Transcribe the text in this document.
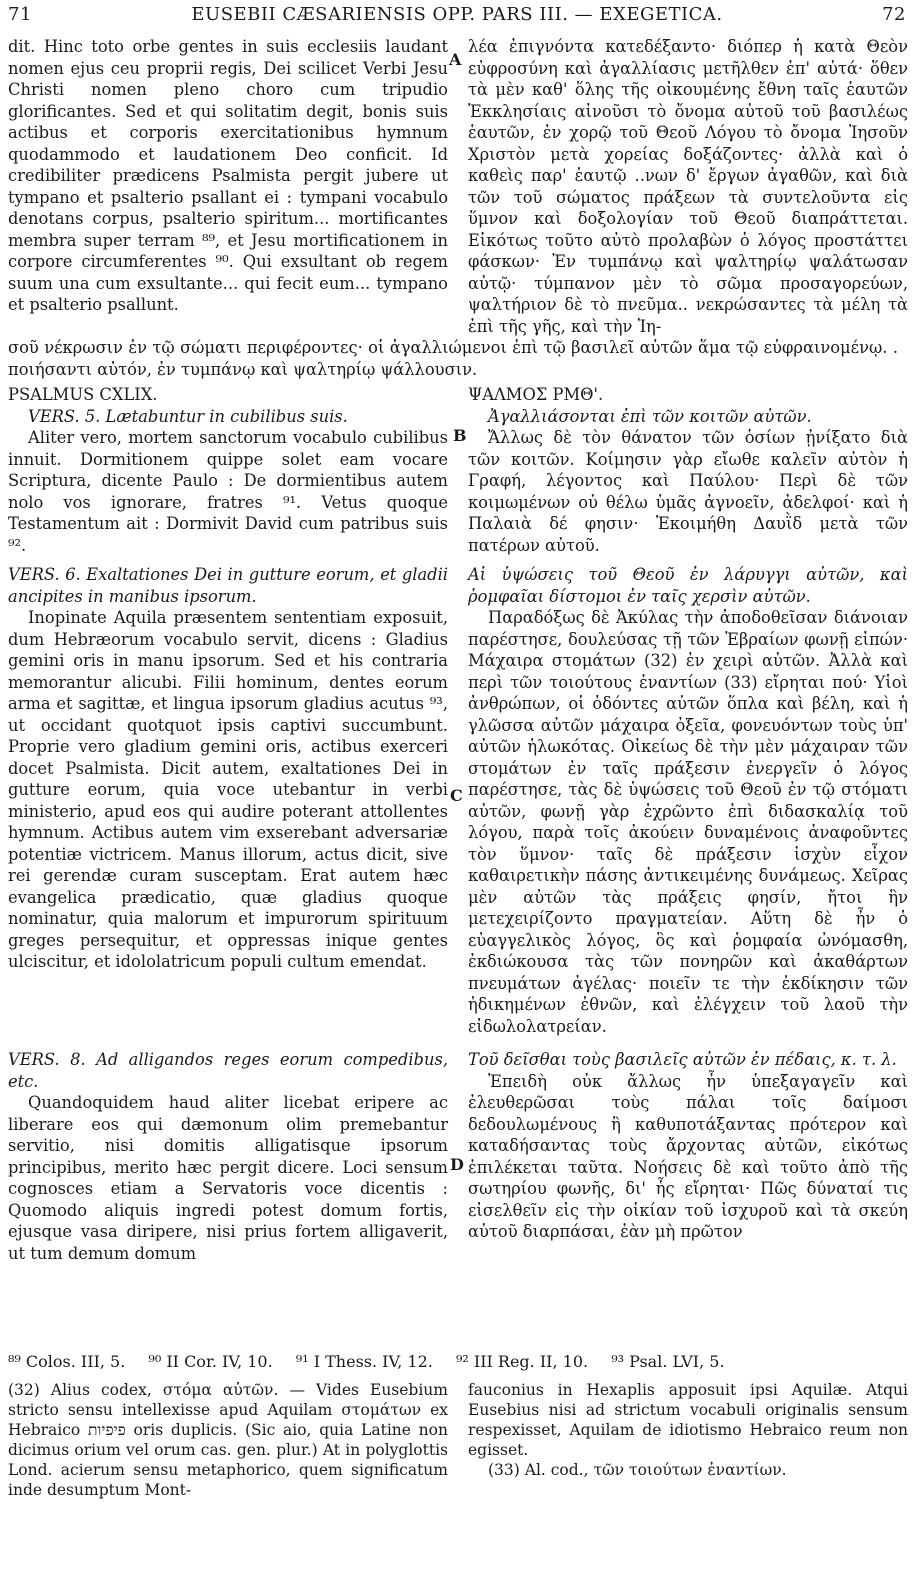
71	EUSEBII CÆSARIENSIS OPP. PARS III. — EXEGETICA.	72
A
B
C
D

dit. Hinc toto orbe gentes in suis ecclesiis laudant nomen ejus ceu proprii regis, Dei scilicet Verbi Jesu Christi nomen pleno choro cum tripudio glorificantes. Sed et qui solitatim degit, bonis suis actibus et corporis exercitationibus hymnum quodammodo et laudationem Deo conficit. Id credibiliter prædicens Psalmista pergit jubere ut tympano et psalterio psallant ei : tympani vocabulo denotans corpus, psalterio spiritum... mortificantes membra super terram ⁸⁹, et Jesu mortificationem in corpore circumferentes ⁹⁰. Qui exsultant ob regem suum una cum exsultante... qui fecit eum... tympano et psalterio psallunt.

λέα ἐπιγνόντα κατεδέξαντο· διόπερ ἡ κατὰ Θεὸν εὐφροσύνη καὶ ἀγαλλίασις μετῆλθεν ἐπ' αὐτά· ὅθεν τὰ μὲν καθ' ὅλης τῆς οἰκουμένης ἔθνη ταῖς ἑαυτῶν Ἐκκλησίαις αἰνοῦσι τὸ ὄνομα αὐτοῦ τοῦ βασιλέως ἑαυτῶν, ἐν χορῷ τοῦ Θεοῦ Λόγου τὸ ὄνομα Ἰησοῦν Χριστὸν μετὰ χορείας δοξάζοντες· ἀλλὰ καὶ ὁ καθεὶς παρ' ἑαυτῷ ..νων δ' ἔργων ἀγαθῶν, καὶ διὰ τῶν τοῦ σώματος πράξεων τὰ συντελοῦντα εἰς ὕμνον καὶ δοξολογίαν τοῦ Θεοῦ διαπράττεται. Εἰκότως τοῦτο αὐτὸ προλαβὼν ὁ λόγος προστάττει φάσκων· Ἐν τυμπάνῳ καὶ ψαλτηρίῳ ψαλάτωσαν αὐτῷ· τύμπανον μὲν τὸ σῶμα προσαγορεύων, ψαλτήριον δὲ τὸ πνεῦμα.. νεκρώσαντες τὰ μέλη τὰ ἐπὶ τῆς γῆς, καὶ τὴν Ἰη-

σοῦ νέκρωσιν ἐν τῷ σώματι περιφέροντες· οἱ ἀγαλλιώμενοι ἐπὶ τῷ βασιλεῖ αὐτῶν ἅμα τῷ εὐφραινομένῳ. . ποιήσαντι αὐτόν, ἐν τυμπάνῳ καὶ ψαλτηρίῳ ψάλλουσιν.

PSALMUS CXLIX.	ΨΑΛΜΟΣ ΡΜΘ'.

VERS. 5. Lætabuntur in cubilibus suis.

Aliter vero, mortem sanctorum vocabulo cubilibus innuit. Dormitionem quippe solet eam vocare Scriptura, dicente Paulo : De dormientibus autem nolo vos ignorare, fratres ⁹¹. Vetus quoque Testamentum ait : Dormivit David cum patribus suis ⁹².

Ἀγαλλιάσονται ἐπὶ τῶν κοιτῶν αὐτῶν.

Ἄλλως δὲ τὸν θάνατον τῶν ὁσίων ᾐνίξατο διὰ τῶν κοιτῶν. Κοίμησιν γὰρ εἴωθε καλεῖν αὐτὸν ἡ Γραφή, λέγοντος καὶ Παύλου· Περὶ δὲ τῶν κοιμωμένων οὐ θέλω ὑμᾶς ἀγνοεῖν, ἀδελφοί· καὶ ἡ Παλαιὰ δέ φησιν· Ἐκοιμήθη Δαυῒδ μετὰ τῶν πατέρων αὐτοῦ.

VERS. 6. Exaltationes Dei in gutture eorum, et gladii ancipites in manibus ipsorum.

Inopinate Aquila præsentem sententiam exposuit, dum Hebræorum vocabulo servit, dicens : Gladius gemini oris in manu ipsorum. Sed et his contraria memorantur alicubi. Filii hominum, dentes eorum arma et sagittæ, et lingua ipsorum gladius acutus ⁹³, ut occidant quotquot ipsis captivi succumbunt. Proprie vero gladium gemini oris, actibus exerceri docet Psalmista. Dicit autem, exaltationes Dei in gutture eorum, quia voce utebantur in verbi ministerio, apud eos qui audire poterant attollentes hymnum. Actibus autem vim exserebant adversariæ potentiæ victricem. Manus illorum, actus dicit, sive rei gerendæ curam susceptam. Erat autem hæc evangelica prædicatio, quæ gladius quoque nominatur, quia malorum et impurorum spirituum greges persequitur, et oppressas inique gentes ulciscitur, et idololatricum populi cultum emendat.

Αἱ ὑψώσεις τοῦ Θεοῦ ἐν λάρυγγι αὐτῶν, καὶ ῥομφαῖαι δίστομοι ἐν ταῖς χερσὶν αὐτῶν.

Παραδόξως δὲ Ἀκύλας τὴν ἀποδοθεῖσαν διάνοιαν παρέστησε, δουλεύσας τῇ τῶν Ἑβραίων φωνῇ εἰπών· Μάχαιρα στομάτων (32) ἐν χειρὶ αὐτῶν. Ἀλλὰ καὶ περὶ τῶν τοιούτους ἐναντίων (33) εἴρηται πού· Υἱοὶ ἀνθρώπων, οἱ ὀδόντες αὐτῶν ὅπλα καὶ βέλη, καὶ ἡ γλῶσσα αὐτῶν μάχαιρα ὀξεῖα, φονευόντων τοὺς ὑπ' αὐτῶν ἡλωκότας. Οἰκείως δὲ τὴν μὲν μάχαιραν τῶν στομάτων ἐν ταῖς πράξεσιν ἐνεργεῖν ὁ λόγος παρέστησε, τὰς δὲ ὑψώσεις τοῦ Θεοῦ ἐν τῷ στόματι αὐτῶν, φωνῇ γὰρ ἐχρῶντο ἐπὶ διδασκαλίᾳ τοῦ λόγου, παρὰ τοῖς ἀκούειν δυναμένοις ἀναφοῦντες τὸν ὕμνον· ταῖς δὲ πράξεσιν ἰσχὺν εἶχον καθαιρετικὴν πάσης ἀντικειμένης δυνάμεως. Χεῖρας μὲν αὐτῶν τὰς πράξεις φησίν, ἤτοι ἣν μετεχειρίζοντο πραγματείαν. Αὕτη δὲ ἦν ὁ εὐαγγελικὸς λόγος, ὃς καὶ ῥομφαία ὠνόμασθη, ἐκδιώκουσα τὰς τῶν πονηρῶν καὶ ἀκαθάρτων πνευμάτων ἀγέλας· ποιεῖν τε τὴν ἐκδίκησιν τῶν ἠδικημένων ἐθνῶν, καὶ ἐλέγχειν τοῦ λαοῦ τὴν εἰδωλολατρείαν.

VERS. 8. Ad alligandos reges eorum compedibus, etc.

Quandoquidem haud aliter licebat eripere ac liberare eos qui dæmonum olim premebantur servitio, nisi domitis alligatisque ipsorum principibus, merito hæc pergit dicere. Loci sensum cognosces etiam a Servatoris voce dicentis : Quomodo aliquis ingredi potest domum fortis, ejusque vasa diripere, nisi prius fortem alligaverit, ut tum demum domum

Τοῦ δεῖσθαι τοὺς βασιλεῖς αὐτῶν ἐν πέδαις, κ. τ. λ.

Ἐπειδὴ οὐκ ἄλλως ἦν ὑπεξαγαγεῖν καὶ ἐλευθερῶσαι τοὺς πάλαι τοῖς δαίμοσι δεδουλωμένους ἢ καθυποτάξαντας πρότερον καὶ καταδήσαντας τοὺς ἄρχοντας αὐτῶν, εἰκότως ἐπιλέκεται ταῦτα. Νοήσεις δὲ καὶ τοῦτο ἀπὸ τῆς σωτηρίου φωνῆς, δι' ἧς εἴρηται· Πῶς δύναταί τις εἰσελθεῖν εἰς τὴν οἰκίαν τοῦ ἰσχυροῦ καὶ τὰ σκεύη αὐτοῦ διαρπάσαι, ἐὰν μὴ πρῶτον

⁸⁹ Colos. III, 5. ⁹⁰ II Cor. IV, 10. ⁹¹ I Thess. IV, 12. ⁹² III Reg. II, 10. ⁹³ Psal. LVI, 5.

(32) Alius codex, στόμα αὐτῶν. — Vides Eusebium stricto sensu intellexisse apud Aquilam στομάτων ex Hebraico פיפיות oris duplicis. (Sic aio, quia Latine non dicimus orium vel orum cas. gen. plur.) At in polyglottis Lond. acierum sensu metaphorico, quem significatum inde desumptum Mont-

fauconius in Hexaplis apposuit ipsi Aquilæ. Atqui Eusebius nisi ad strictum vocabuli originalis sensum respexisset, Aquilam de idiotismo Hebraico reum non egisset.

(33) Al. cod., τῶν τοιούτων ἐναντίων.
